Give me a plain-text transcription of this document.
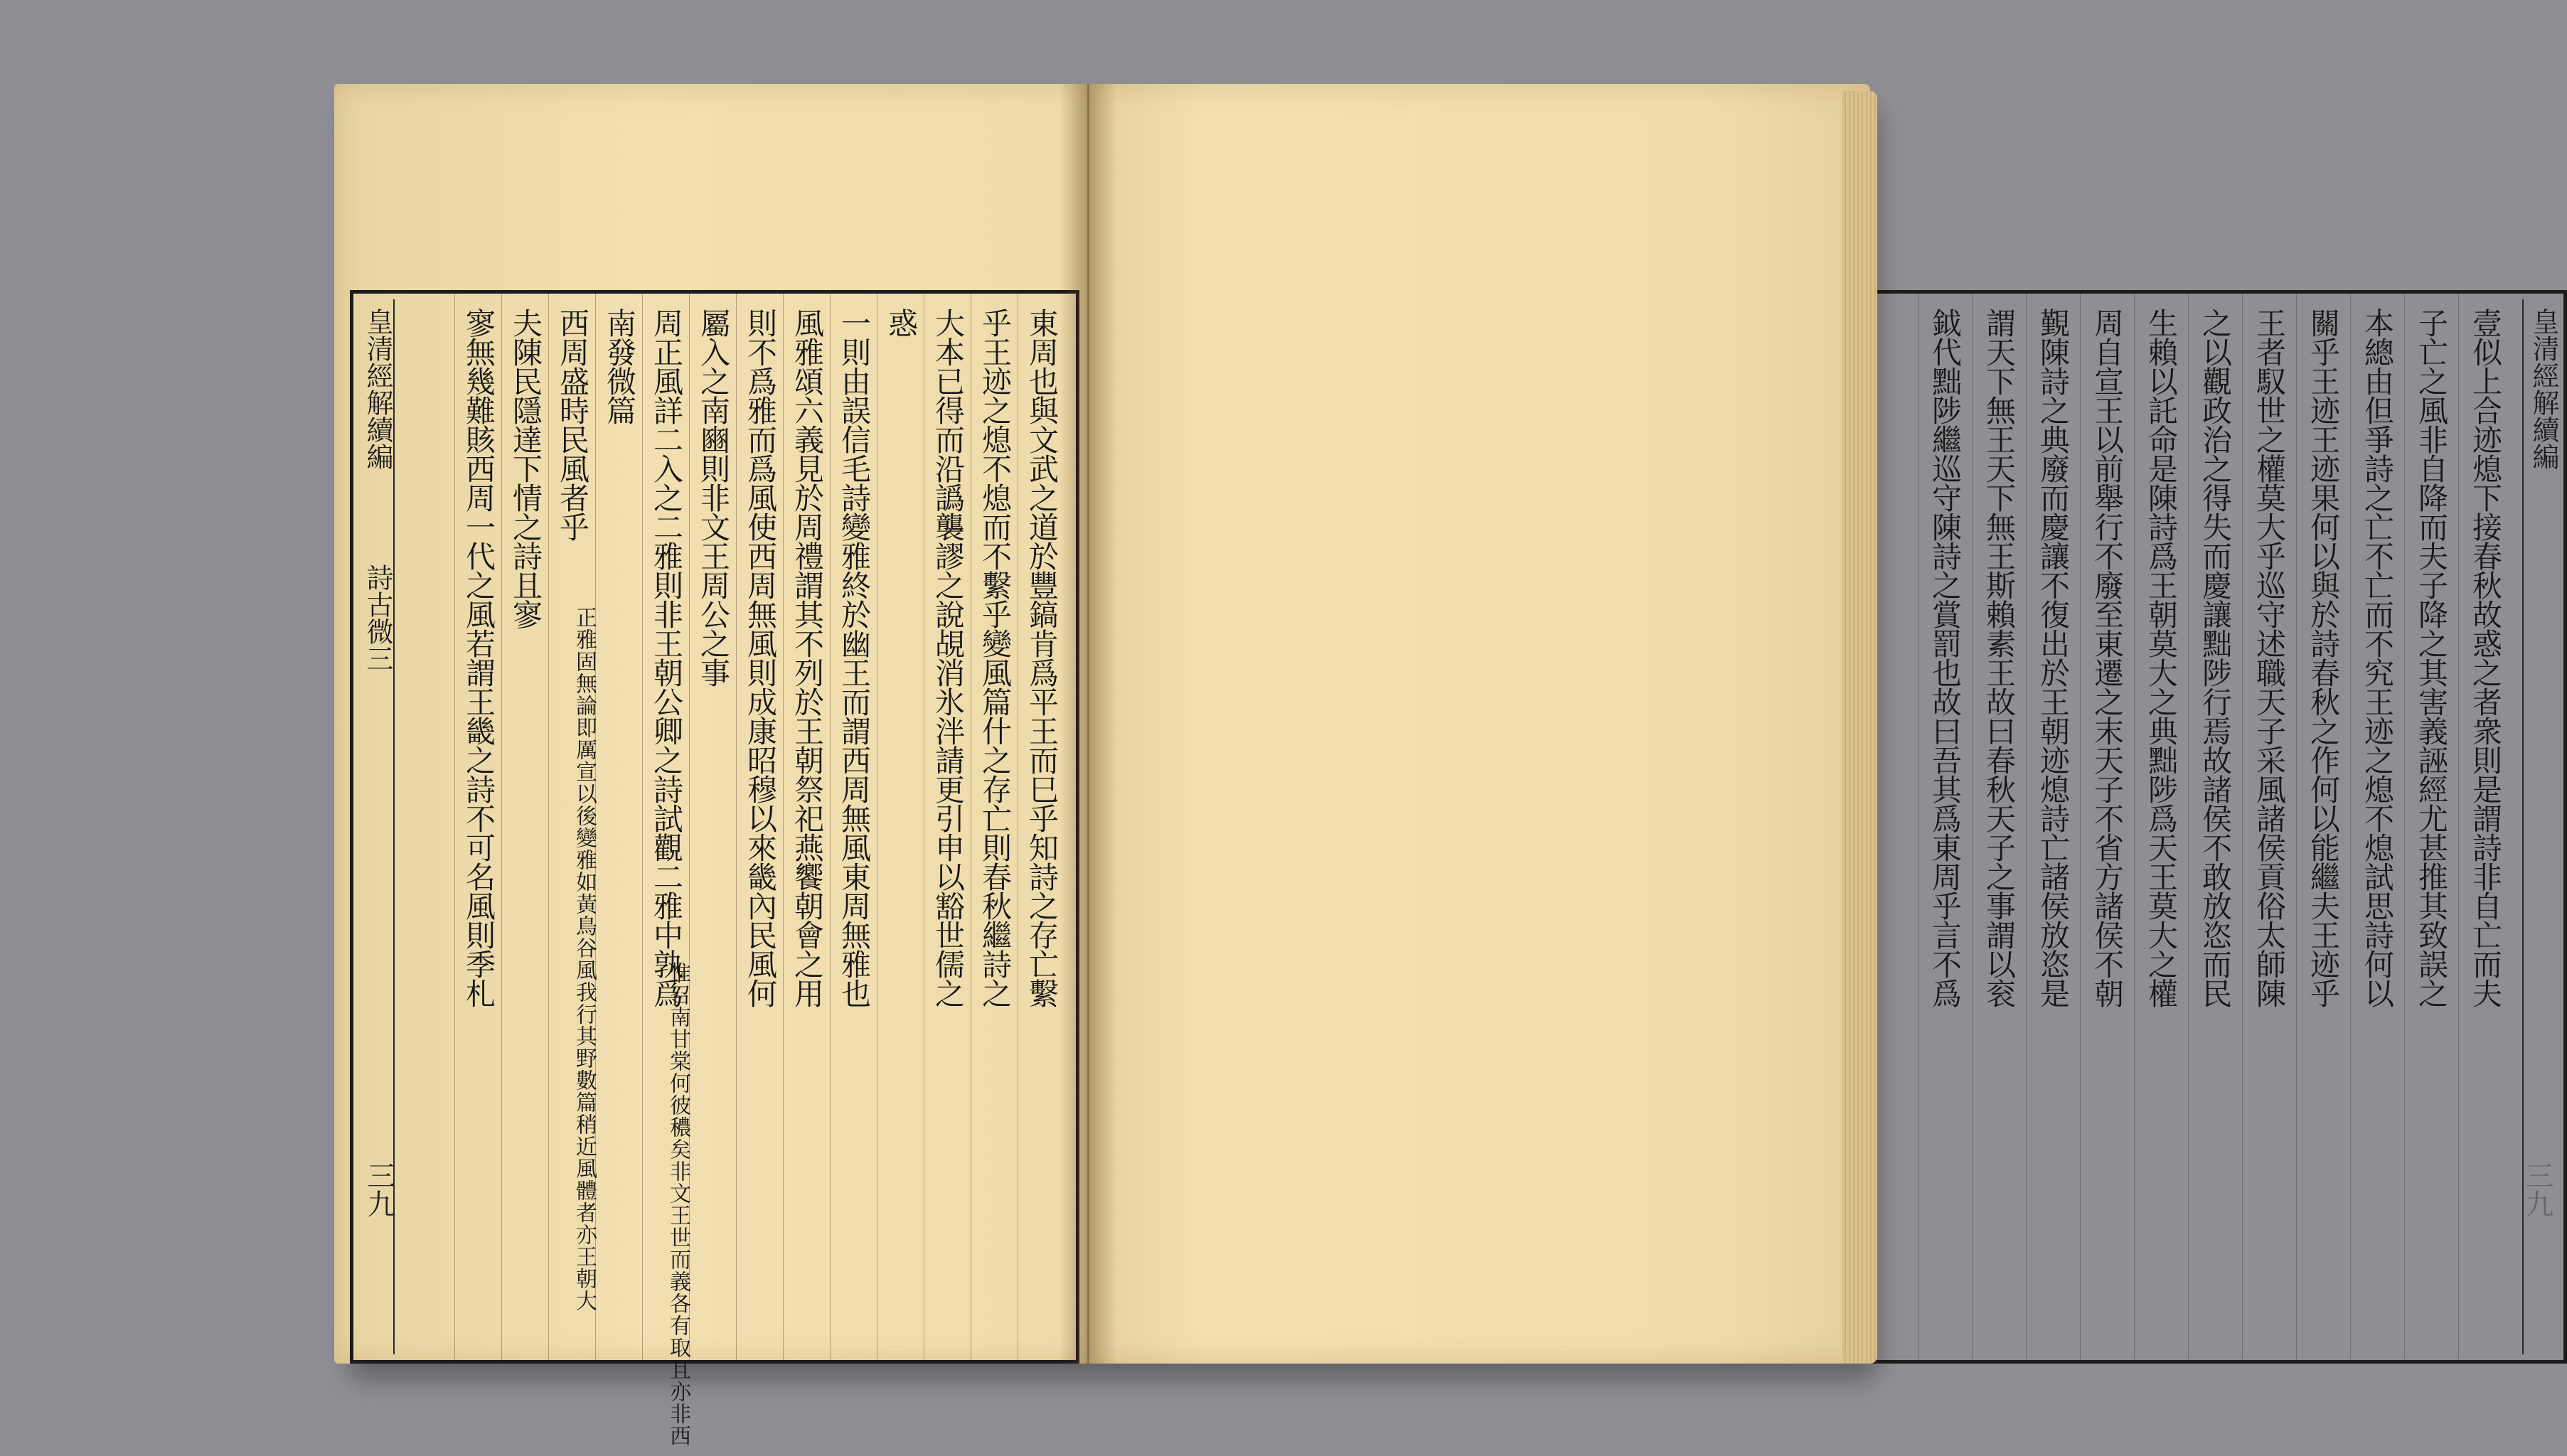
東周也與文武之道於豐鎬肯爲平王而巳乎知詩之存亡繫
乎王迹之熄不熄而不繫乎變風篇什之存亡則春秋繼詩之
大本已得而沿譌襲謬之說覘消氷泮請更引申以豁世儒之
惑
一則由誤信毛詩變雅終於幽王而謂西周無風東周無雅也
風雅頌六義見於周禮謂其不列於王朝祭祀燕饗朝會之用
則不爲雅而爲風使西周無風則成康昭穆以來畿內民風何
屬入之南豳則非文王周公之事
周正風詳二入之二雅則非王朝公卿之詩試觀二雅中孰爲
南發微篇
西周盛時民風者乎
夫陳民隱達下情之詩且寥
寥無幾難賅西周一代之風若謂王畿之詩不可名風則季札
惟召南甘棠何彼穠矣非文王世而義各有取且亦非西
正雅固無論即厲宣以後變雅如黃鳥谷風我行其野數篇稍近風體者亦王朝大
皇清經解續編
詩古微三
三九
壹似上合迹熄下接春秋故惑之者衆則是謂詩非自亡而夫
子亡之風非自降而夫子降之其害義誣經尤甚推其致誤之
本總由但爭詩之亡不亡而不究王迹之熄不熄試思詩何以
關乎王迹王迹果何以與於詩春秋之作何以能繼夫王迹乎
王者馭世之權莫大乎巡守述職天子采風諸侯貢俗太師陳
之以觀政治之得失而慶讓黜陟行焉故諸侯不敢放恣而民
生賴以託命是陳詩爲王朝莫大之典黜陟爲天王莫大之權
周自宣王以前舉行不廢至東遷之末天子不省方諸侯不朝
覲陳詩之典廢而慶讓不復出於王朝迹熄詩亡諸侯放恣是
謂天下無王天下無王斯賴素王故曰春秋天子之事謂以衮
鉞代黜陟繼巡守陳詩之賞罰也故曰吾其爲東周乎言不爲	皇清經解續編
三九
